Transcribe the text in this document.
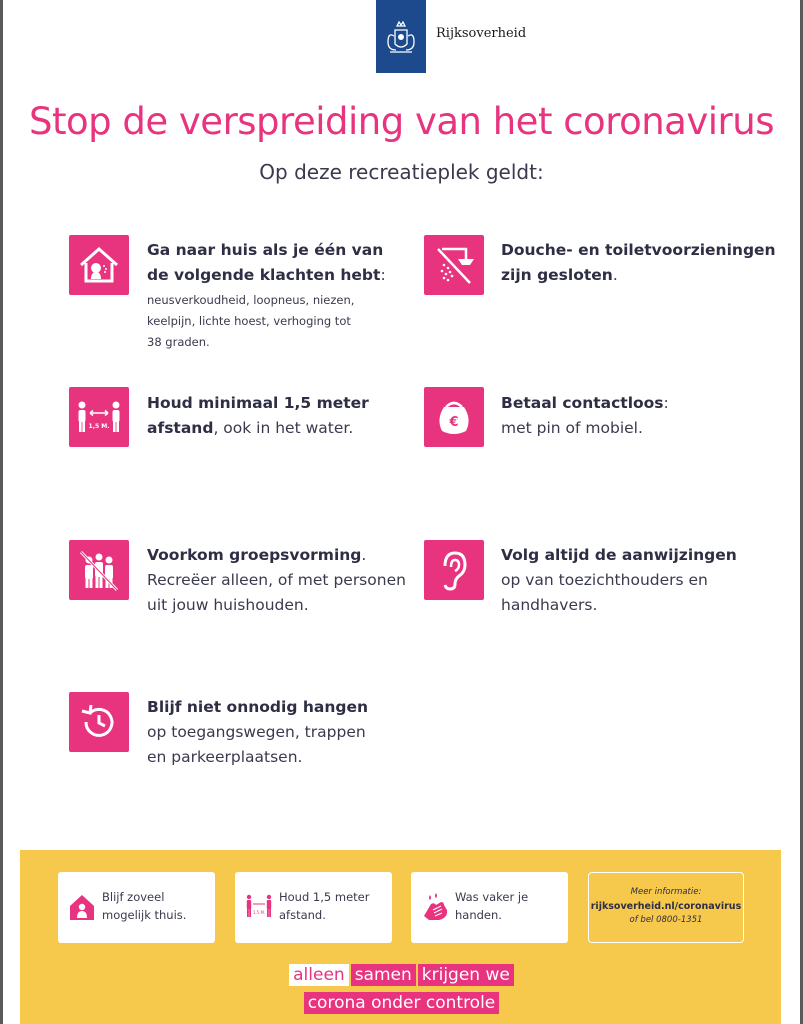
Rijksoverheid
Stop de verspreiding van het coronavirus
Op deze recreatieplek geldt:
Ga naar huis als je één van
de volgende klachten hebt:
neusverkoudheid, loopneus, niezen,
keelpijn, lichte hoest, verhoging tot
38 graden.
Douche- en toiletvoorzieningen
zijn gesloten.
1,5 M.
Houd minimaal 1,5 meter
afstand, ook in het water.	€
Betaal contactloos:
met pin of mobiel.
Voorkom groepsvorming.
Recreëer alleen, of met personen
uit jouw huishouden.
Volg altijd de aanwijzingen
op van toezichthouders en
handhavers.
Blijf niet onnodig hangen
op toegangswegen, trappen
en parkeerplaatsen.
Blijf zoveel
mogelijk thuis.	1,5 M.
Houd 1,5 meter
afstand.
Was vaker je
handen.
Meer informatie:
rijksoverheid.nl/coronavirus
of bel 0800-1351
alleen samen krijgen we
corona onder controle
